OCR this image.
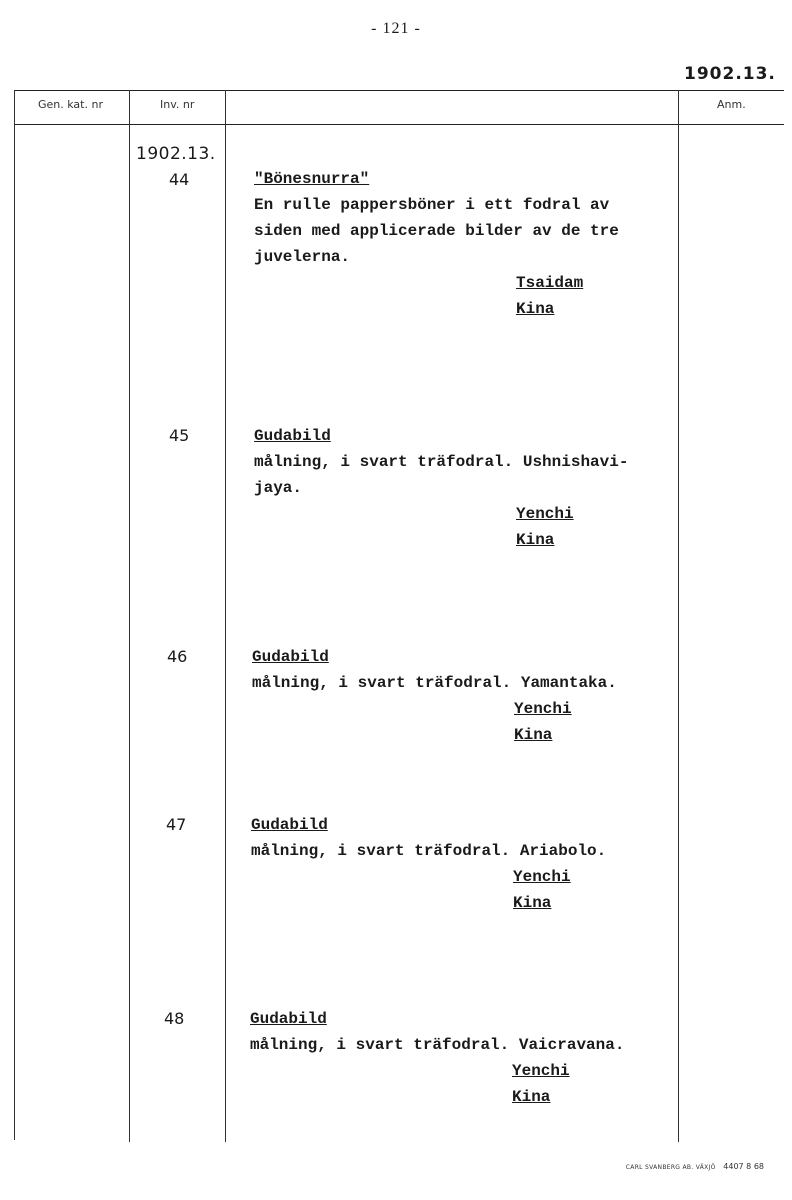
- 121 -
1902.13.
Gen. kat. nr	Inv. nr	Anm.
1902.13.
44	"Bönesnurra"
En rulle pappersböner i ett fodral av
siden med applicerade bilder av de tre
juvelerna.
Tsaidam
Kina
45	Gudabild
målning, i svart träfodral. Ushnishavi-
jaya.
Yenchi
Kina
46	Gudabild
målning, i svart träfodral. Yamantaka.
Yenchi
Kina
47	Gudabild
målning, i svart träfodral. Ariabolo.
Yenchi
Kina
48	Gudabild
målning, i svart träfodral. Vaicravana.
Yenchi
Kina
CARL SVANBERG AB. VÄXJÖ 4407 8 68
